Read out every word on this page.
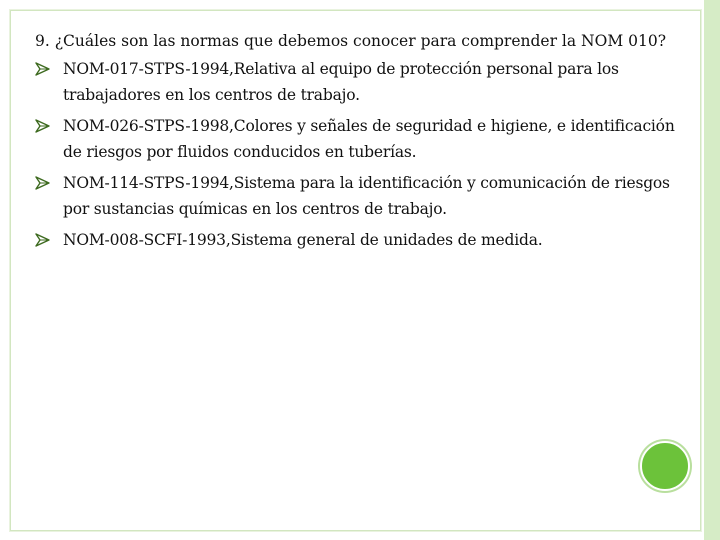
9. ¿Cuáles son las normas que debemos conocer para comprender la NOM 010?

NOM-017-STPS-1994,Relativa al equipo de protección personal para los
trabajadores en los centros de trabajo.
NOM-026-STPS-1998,Colores y señales de seguridad e higiene, e identificación
de riesgos por fluidos conducidos en tuberías.
NOM-114-STPS-1994,Sistema para la identificación y comunicación de riesgos
por sustancias químicas en los centros de trabajo.
NOM-008-SCFI-1993,Sistema general de unidades de medida.
